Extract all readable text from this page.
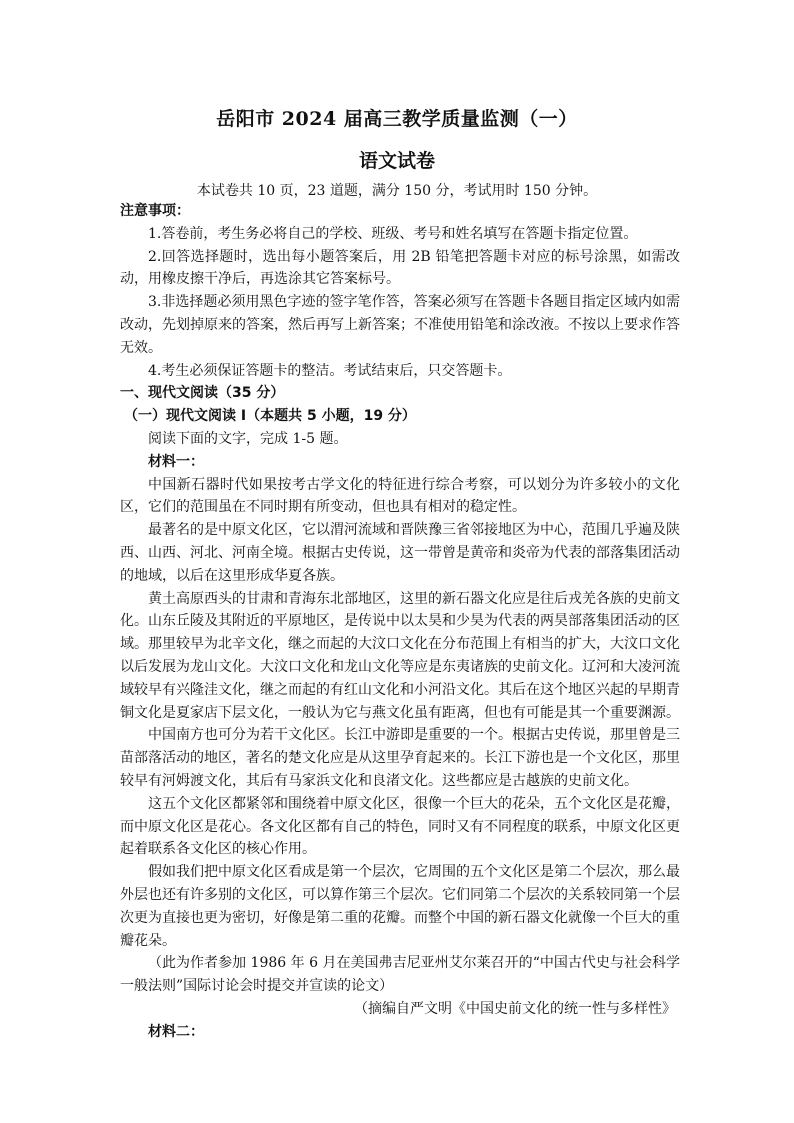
岳阳市 2024 届高三教学质量监测（一）
语文试卷
本试卷共 10 页，23 道题，满分 150 分，考试用时 150 分钟。

注意事项：

1.答卷前，考生务必将自己的学校、班级、考号和姓名填写在答题卡指定位置。

2.回答选择题时，选出每小题答案后，用 2B 铅笔把答题卡对应的标号涂黑，如需改动，用橡皮擦干净后，再选涂其它答案标号。

3.非选择题必须用黑色字迹的签字笔作答，答案必须写在答题卡各题目指定区域内如需改动，先划掉原来的答案，然后再写上新答案；不准使用铅笔和涂改液。不按以上要求作答无效。

4.考生必须保证答题卡的整洁。考试结束后，只交答题卡。

一、现代文阅读（35 分）

（一）现代文阅读 I（本题共 5 小题，19 分）

阅读下面的文字，完成 1-5 题。

材料一：

中国新石器时代如果按考古学文化的特征进行综合考察，可以划分为许多较小的文化区，它们的范围虽在不同时期有所变动，但也具有相对的稳定性。

最著名的是中原文化区，它以渭河流域和晋陕豫三省邻接地区为中心，范围几乎遍及陕西、山西、河北、河南全境。根据古史传说，这一带曾是黄帝和炎帝为代表的部落集团活动的地域，以后在这里形成华夏各族。

黄土高原西头的甘肃和青海东北部地区，这里的新石器文化应是往后戎羌各族的史前文化。山东丘陵及其附近的平原地区，是传说中以太昊和少昊为代表的两昊部落集团活动的区域。那里较早为北辛文化，继之而起的大汶口文化在分布范围上有相当的扩大，大汶口文化以后发展为龙山文化。大汶口文化和龙山文化等应是东夷诸族的史前文化。辽河和大凌河流域较早有兴隆洼文化，继之而起的有红山文化和小河沿文化。其后在这个地区兴起的早期青铜文化是夏家店下层文化，一般认为它与燕文化虽有距离，但也有可能是其一个重要渊源。

中国南方也可分为若干文化区。长江中游即是重要的一个。根据古史传说，那里曾是三苗部落活动的地区，著名的楚文化应是从这里孕育起来的。长江下游也是一个文化区，那里较早有河姆渡文化，其后有马家浜文化和良渚文化。这些都应是古越族的史前文化。

这五个文化区都紧邻和围绕着中原文化区，很像一个巨大的花朵，五个文化区是花瓣，而中原文化区是花心。各文化区都有自己的特色，同时又有不同程度的联系，中原文化区更起着联系各文化区的核心作用。

假如我们把中原文化区看成是第一个层次，它周围的五个文化区是第二个层次，那么最外层也还有许多别的文化区，可以算作第三个层次。它们同第二个层次的关系较同第一个层次更为直接也更为密切，好像是第二重的花瓣。而整个中国的新石器文化就像一个巨大的重瓣花朵。

（此为作者参加 1986 年 6 月在美国弗吉尼亚州艾尔莱召开的“中国古代史与社会科学一般法则”国际讨论会时提交并宣读的论文）

（摘编自严文明《中国史前文化的统一性与多样性》

材料二：
